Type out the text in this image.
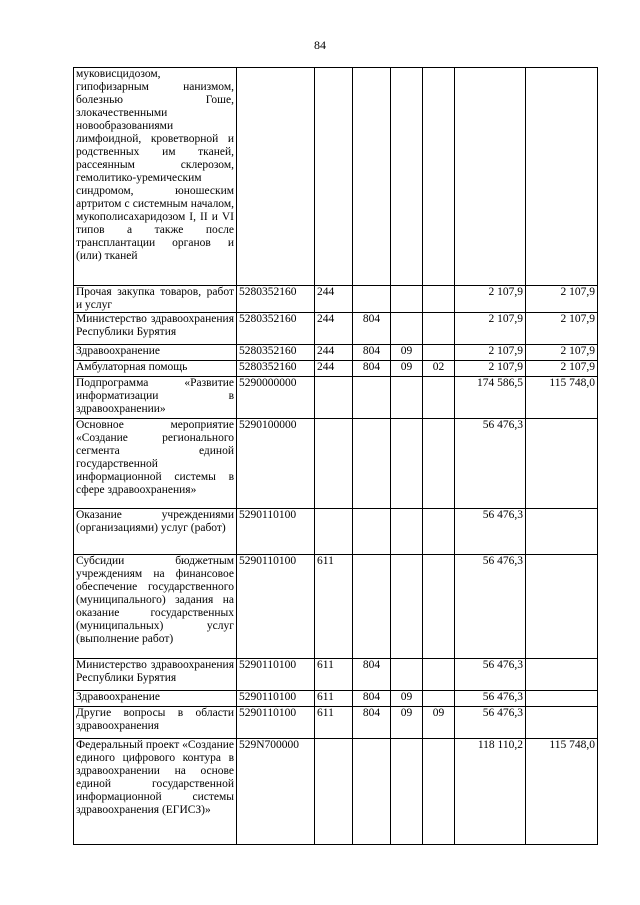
84
муковисцидозом, гипофизарным нанизмом, болезнью Гоше, злокачественными новообразованиями лимфоидной, кроветворной и родственных им тканей, рассеянным склерозом, гемолитико-уремическим синдромом, юношеским артритом с системным началом, мукополисахаридозом I, II и VI типов а также после трансплантации органов и (или) тканей							
Прочая закупка товаров, работ и услуг	5280352160	244				2 107,9	2 107,9
Министерство здравоохранения Республики Бурятия	5280352160	244	804			2 107,9	2 107,9
Здравоохранение	5280352160	244	804	09		2 107,9	2 107,9
Амбулаторная помощь	5280352160	244	804	09	02	2 107,9	2 107,9
Подпрограмма «Развитие информатизации в здравоохранении»	5290000000					174 586,5	115 748,0
Основное мероприятие «Создание регионального сегмента единой государственной информационной системы в сфере здравоохранения»	5290100000					56 476,3	
Оказание учреждениями (организациями) услуг (работ)	5290110100					56 476,3	
Субсидии бюджетным учреждениям на финансовое обеспечение государственного (муниципального) задания на оказание государственных (муниципальных) услуг (выполнение работ)	5290110100	611				56 476,3	
Министерство здравоохранения Республики Бурятия	5290110100	611	804			56 476,3	
Здравоохранение	5290110100	611	804	09		56 476,3	
Другие вопросы в области здравоохранения	5290110100	611	804	09	09	56 476,3	
Федеральный проект «Создание единого цифрового контура в здравоохранении на основе единой государственной информационной системы здравоохранения (ЕГИСЗ)»	529N700000					118 110,2	115 748,0
